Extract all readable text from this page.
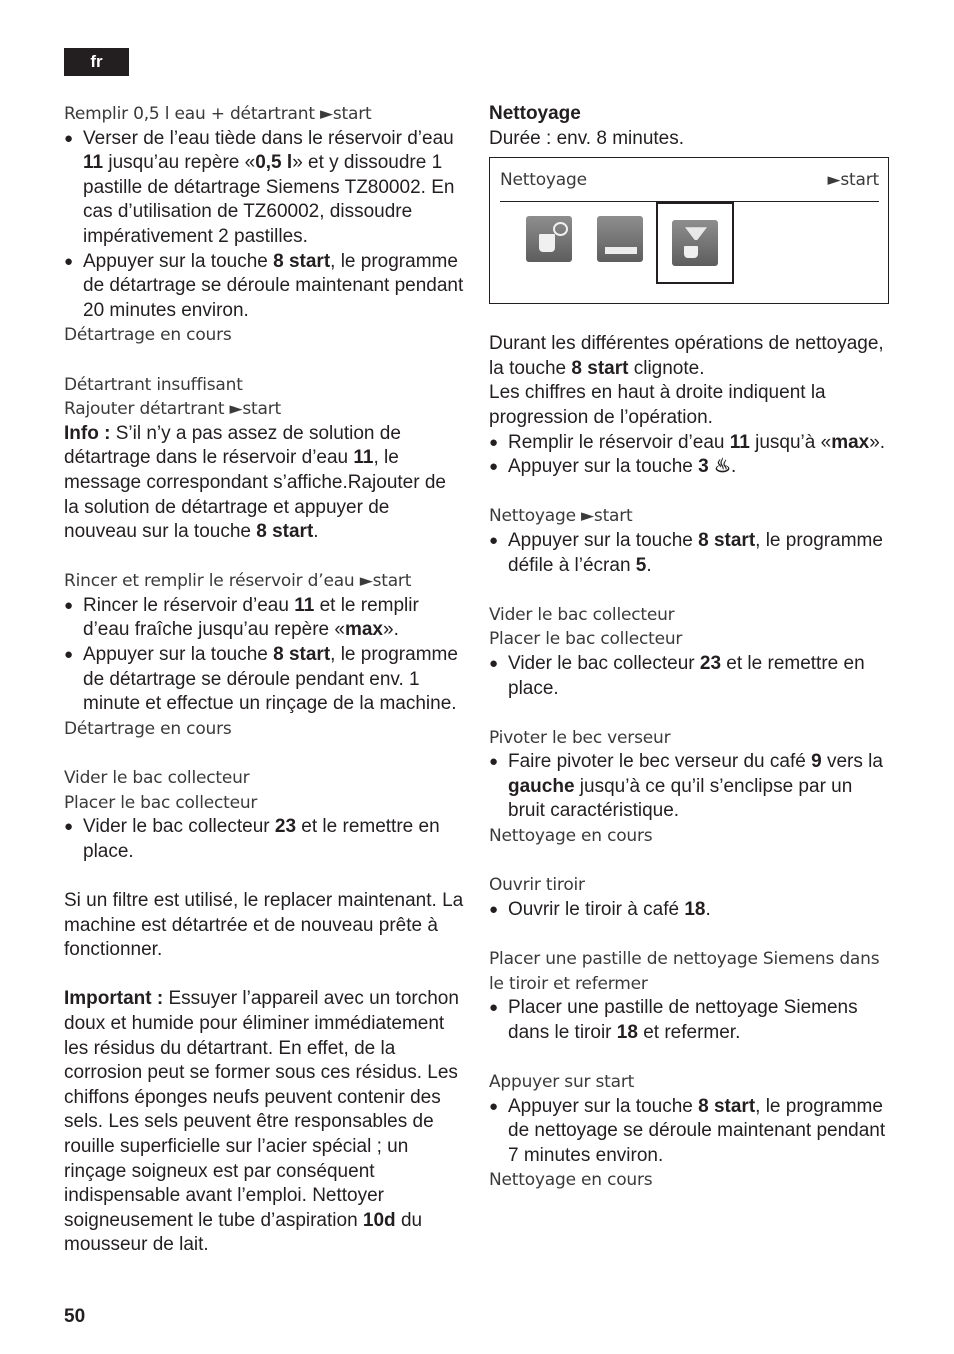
fr
Remplir 0,5 l eau + détartrant ►start
● Verser de l’eau tiède dans le réservoir d’eau 11 jusqu’au repère «0,5 l» et y dissoudre 1 pastille de détartrage Siemens TZ80002. En cas d’utilisation de TZ60002, dissoudre impérativement 2 pastilles.
● Appuyer sur la touche 8 start, le programme de détartrage se déroule maintenant pendant 20 minutes environ.
Détartrage en cours
Détartrant insuffisant
Rajouter détartrant ►start
Info : S’il n’y a pas assez de solution de détartrage dans le réservoir d’eau 11, le message correspondant s’affiche.Rajouter de la solution de détartrage et appuyer de nouveau sur la touche 8 start.
Rincer et remplir le réservoir d’eau ►start
● Rincer le réservoir d’eau 11 et le remplir d’eau fraîche jusqu’au repère «max».
● Appuyer sur la touche 8 start, le programme de détartrage se déroule pendant env. 1 minute et effectue un rinçage de la machine.
Détartrage en cours
Vider le bac collecteur
Placer le bac collecteur
● Vider le bac collecteur 23 et le remettre en place.
Si un filtre est utilisé, le replacer maintenant. La machine est détartrée et de nouveau prête à fonctionner.
Important : Essuyer l’appareil avec un torchon doux et humide pour éliminer immédiatement les résidus du détartrant. En effet, de la corrosion peut se former sous ces résidus. Les chiffons éponges neufs peuvent contenir des sels. Les sels peuvent être responsables de rouille superficielle sur l’acier spécial ; un rinçage soigneux est par conséquent indispensable avant l’emploi. Nettoyer soigneusement le tube d’aspiration 10d du mousseur de lait.
Nettoyage
Durée : env. 8 minutes.
Nettoyage	►start
Durant les différentes opérations de nettoyage, la touche 8 start clignote.
Les chiffres en haut à droite indiquent la progression de l’opération.
● Remplir le réservoir d’eau 11 jusqu’à «max».
● Appuyer sur la touche 3 ♨.
Nettoyage ►start
● Appuyer sur la touche 8 start, le programme défile à l’écran 5.
Vider le bac collecteur
Placer le bac collecteur
● Vider le bac collecteur 23 et le remettre en place.
Pivoter le bec verseur
● Faire pivoter le bec verseur du café 9 vers la gauche jusqu’à ce qu’il s’enclipse par un bruit caractéristique.
Nettoyage en cours
Ouvrir tiroir
● Ouvrir le tiroir à café 18.
Placer une pastille de nettoyage Siemens dans le tiroir et refermer
● Placer une pastille de nettoyage Siemens dans le tiroir 18 et refermer.
Appuyer sur start
● Appuyer sur la touche 8 start, le programme de nettoyage se déroule maintenant pendant 7 minutes environ.
Nettoyage en cours
50
